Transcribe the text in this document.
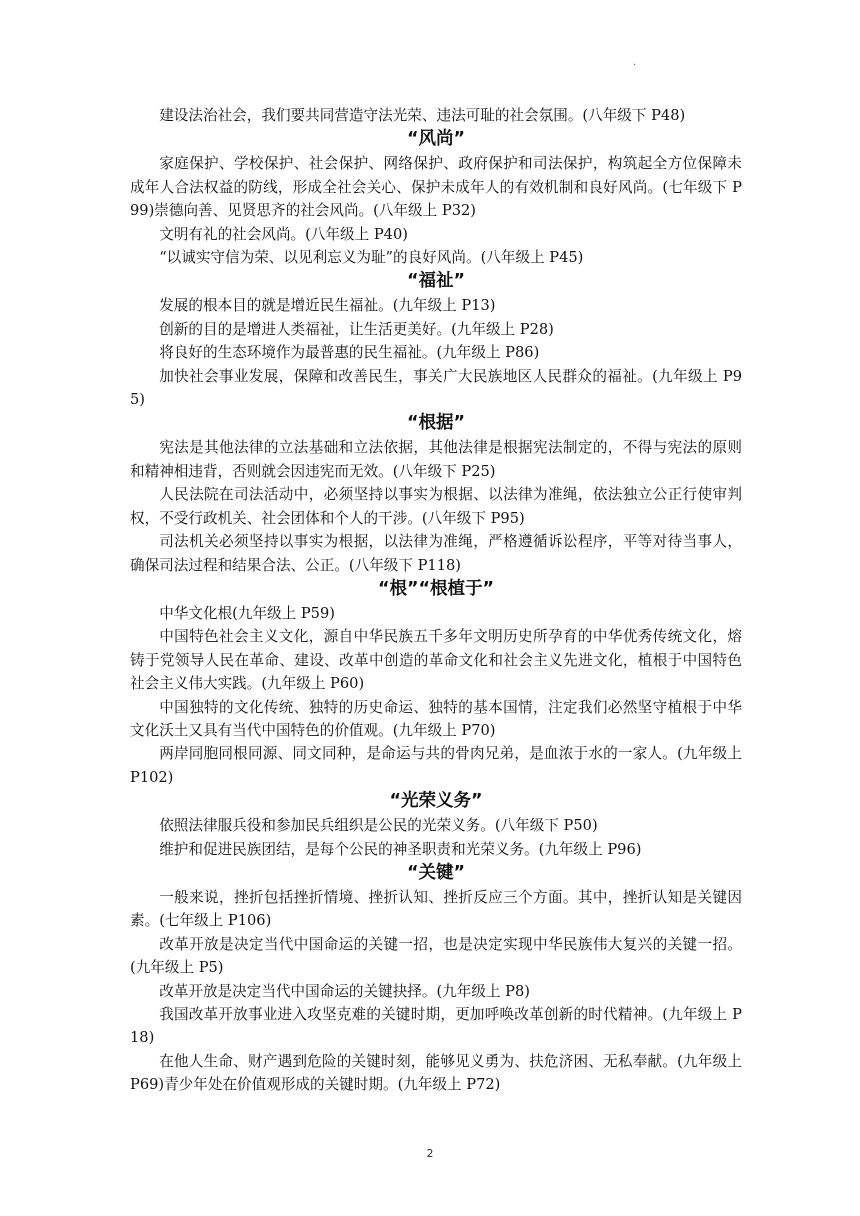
.

建设法治社会，我们要共同营造守法光荣、违法可耻的社会氛围。(八年级下 P48)

“风尚”

家庭保护、学校保护、社会保护、网络保护、政府保护和司法保护，构筑起全方位保障未成年人合法权益的防线，形成全社会关心、保护未成年人的有效机制和良好风尚。(七年级下 P99)崇德向善、见贤思齐的社会风尚。(八年级上 P32)

文明有礼的社会风尚。(八年级上 P40)

“以诚实守信为荣、以见利忘义为耻”的良好风尚。(八年级上 P45)

“福祉”

发展的根本目的就是增近民生福祉。(九年级上 P13)

创新的目的是增进人类福祉，让生活更美好。(九年级上 P28)

将良好的生态环境作为最普惠的民生福祉。(九年级上 P86)

加快社会事业发展，保障和改善民生，事关广大民族地区人民群众的福祉。(九年级上 P95)

“根据”

宪法是其他法律的立法基础和立法依据，其他法律是根据宪法制定的，不得与宪法的原则和精神相违背，否则就会因违宪而无效。(八年级下 P25)

人民法院在司法活动中，必须坚持以事实为根据、以法律为准绳，依法独立公正行使审判权，不受行政机关、社会团体和个人的干涉。(八年级下 P95)

司法机关必须坚持以事实为根据，以法律为准绳，严格遵循诉讼程序，平等对待当事人，确保司法过程和结果合法、公正。(八年级下 P118)

“根”“根植于”

中华文化根(九年级上 P59)

中国特色社会主义文化，源自中华民族五千多年文明历史所孕育的中华优秀传统文化，熔铸于党领导人民在革命、建设、改革中创造的革命文化和社会主义先进文化，植根于中国特色社会主义伟大实践。(九年级上 P60)

中国独特的文化传统、独特的历史命运、独特的基本国情，注定我们必然坚守植根于中华文化沃土又具有当代中国特色的价值观。(九年级上 P70)

两岸同胞同根同源、同文同种，是命运与共的骨肉兄弟，是血浓于水的一家人。(九年级上 P102)

“光荣义务”

依照法律服兵役和参加民兵组织是公民的光荣义务。(八年级下 P50)

维护和促进民族团结，是每个公民的神圣职责和光荣义务。(九年级上 P96)

“关键”

一般来说，挫折包括挫折情境、挫折认知、挫折反应三个方面。其中，挫折认知是关键因素。(七年级上 P106)

改革开放是决定当代中国命运的关键一招，也是决定实现中华民族伟大复兴的关键一招。(九年级上 P5)

改革开放是决定当代中国命运的关键抉择。(九年级上 P8)

我国改革开放事业进入攻坚克难的关键时期，更加呼唤改革创新的时代精神。(九年级上 P18)

在他人生命、财产遇到危险的关键时刻，能够见义勇为、扶危济困、无私奉献。(九年级上 P69)青少年处在价值观形成的关键时期。(九年级上 P72)

2
